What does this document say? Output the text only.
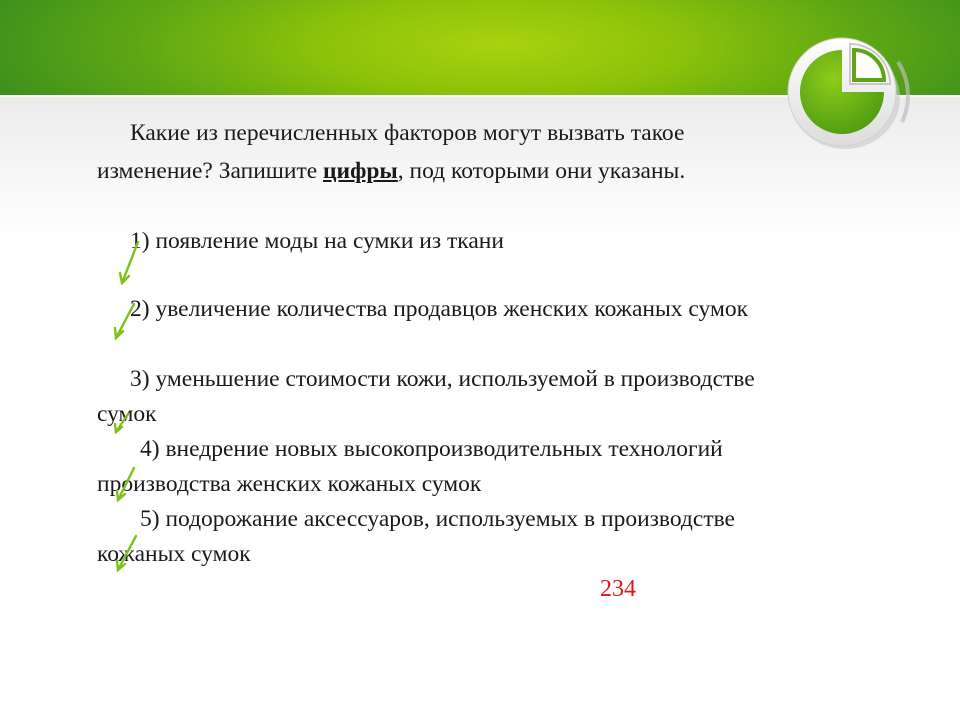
Какие из перечисленных факторов могут вызвать такое
изменение? Запишите цифры, под которыми они указаны.
1) появление моды на сумки из ткани
2) увеличение количества продавцов женских кожаных сумок
3) уменьшение стоимости кожи, используемой в производстве
сумок
4) внедрение новых высокопроизводительных технологий
производства женских кожаных сумок
5) подорожание аксессуаров, используемых в производстве
кожаных сумок
234
